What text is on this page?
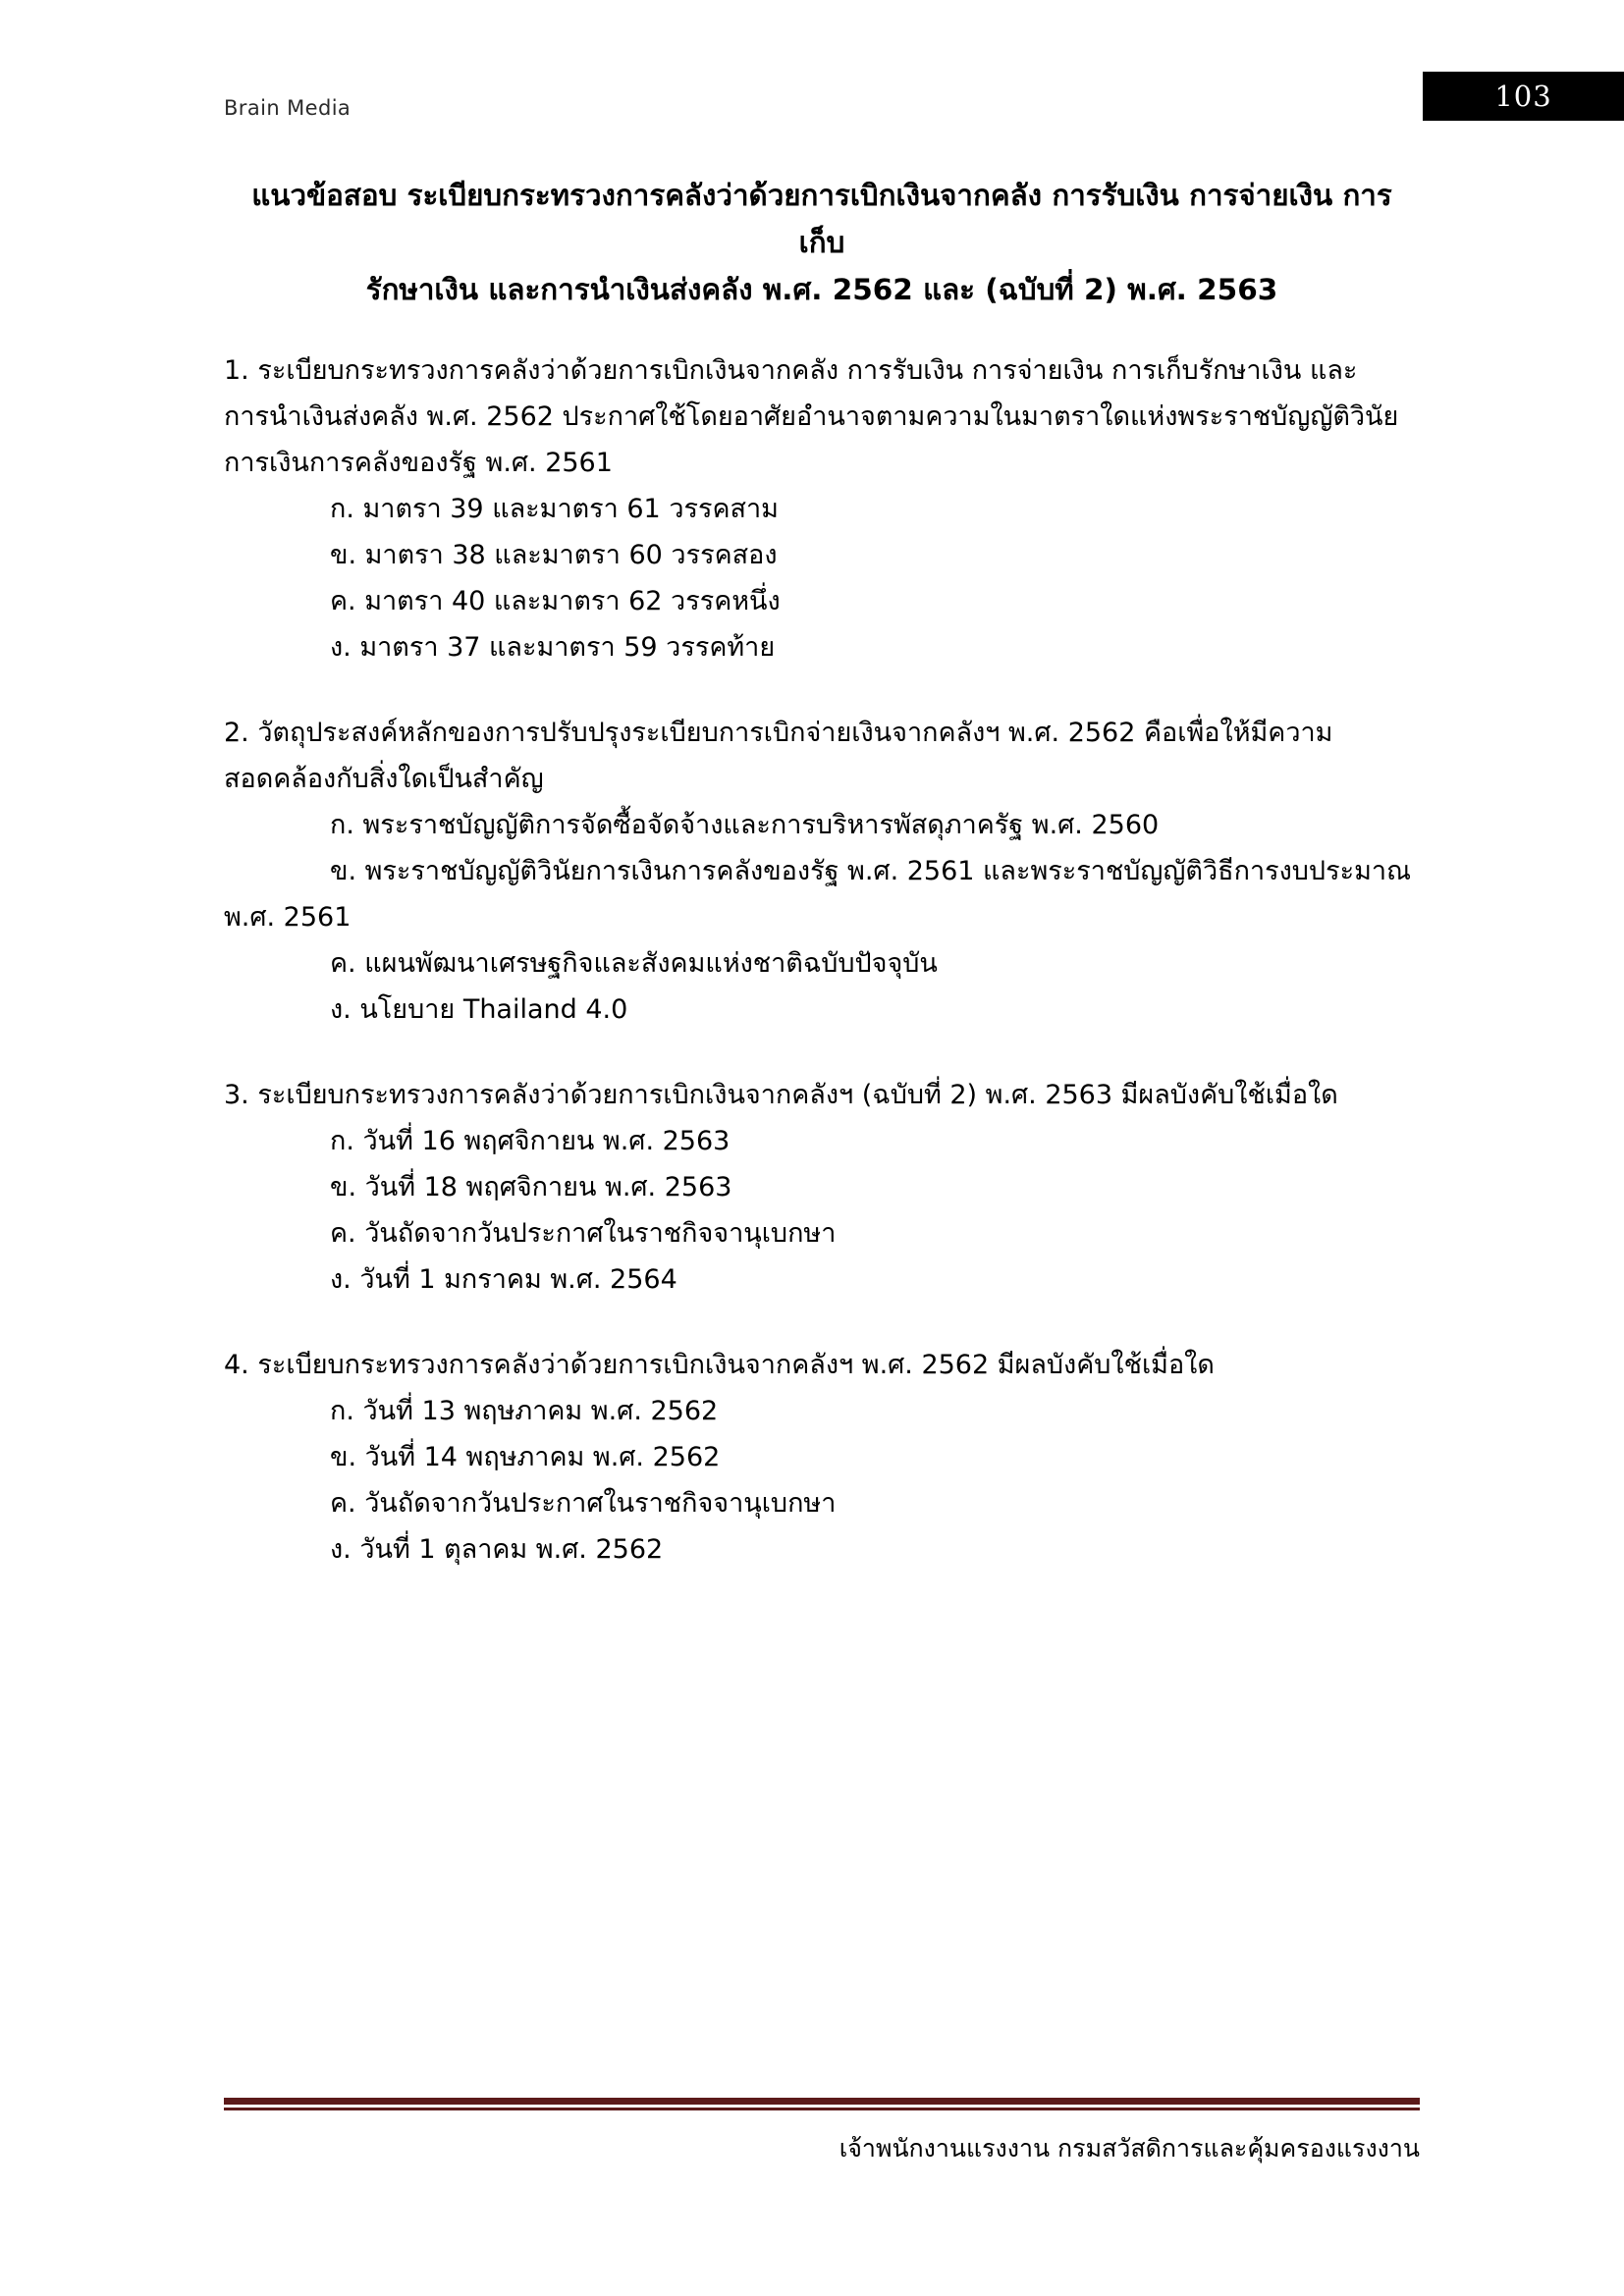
Brain Media	103
แนวข้อสอบ ระเบียบกระทรวงการคลังว่าด้วยการเบิกเงินจากคลัง การรับเงิน การจ่ายเงิน การเก็บ
รักษาเงิน และการนำเงินส่งคลัง พ.ศ. 2562 และ (ฉบับที่ 2) พ.ศ. 2563

1. ระเบียบกระทรวงการคลังว่าด้วยการเบิกเงินจากคลัง การรับเงิน การจ่ายเงิน การเก็บรักษาเงิน และการนำเงินส่งคลัง พ.ศ. 2562 ประกาศใช้โดยอาศัยอำนาจตามความในมาตราใดแห่งพระราชบัญญัติวินัยการเงินการคลังของรัฐ พ.ศ. 2561

ก. มาตรา 39 และมาตรา 61 วรรคสาม
ข. มาตรา 38 และมาตรา 60 วรรคสอง
ค. มาตรา 40 และมาตรา 62 วรรคหนึ่ง
ง. มาตรา 37 และมาตรา 59 วรรคท้าย

2. วัตถุประสงค์หลักของการปรับปรุงระเบียบการเบิกจ่ายเงินจากคลังฯ พ.ศ. 2562 คือเพื่อให้มีความสอดคล้องกับสิ่งใดเป็นสำคัญ

ก. พระราชบัญญัติการจัดซื้อจัดจ้างและการบริหารพัสดุภาครัฐ พ.ศ. 2560
ข. พระราชบัญญัติวินัยการเงินการคลังของรัฐ พ.ศ. 2561 และพระราชบัญญัติวิธีการงบประมาณ
พ.ศ. 2561
ค. แผนพัฒนาเศรษฐกิจและสังคมแห่งชาติฉบับปัจจุบัน
ง. นโยบาย Thailand 4.0

3. ระเบียบกระทรวงการคลังว่าด้วยการเบิกเงินจากคลังฯ (ฉบับที่ 2) พ.ศ. 2563 มีผลบังคับใช้เมื่อใด

ก. วันที่ 16 พฤศจิกายน พ.ศ. 2563
ข. วันที่ 18 พฤศจิกายน พ.ศ. 2563
ค. วันถัดจากวันประกาศในราชกิจจานุเบกษา
ง. วันที่ 1 มกราคม พ.ศ. 2564

4. ระเบียบกระทรวงการคลังว่าด้วยการเบิกเงินจากคลังฯ พ.ศ. 2562 มีผลบังคับใช้เมื่อใด

ก. วันที่ 13 พฤษภาคม พ.ศ. 2562
ข. วันที่ 14 พฤษภาคม พ.ศ. 2562
ค. วันถัดจากวันประกาศในราชกิจจานุเบกษา
ง. วันที่ 1 ตุลาคม พ.ศ. 2562
เจ้าพนักงานแรงงาน กรมสวัสดิการและคุ้มครองแรงงาน
